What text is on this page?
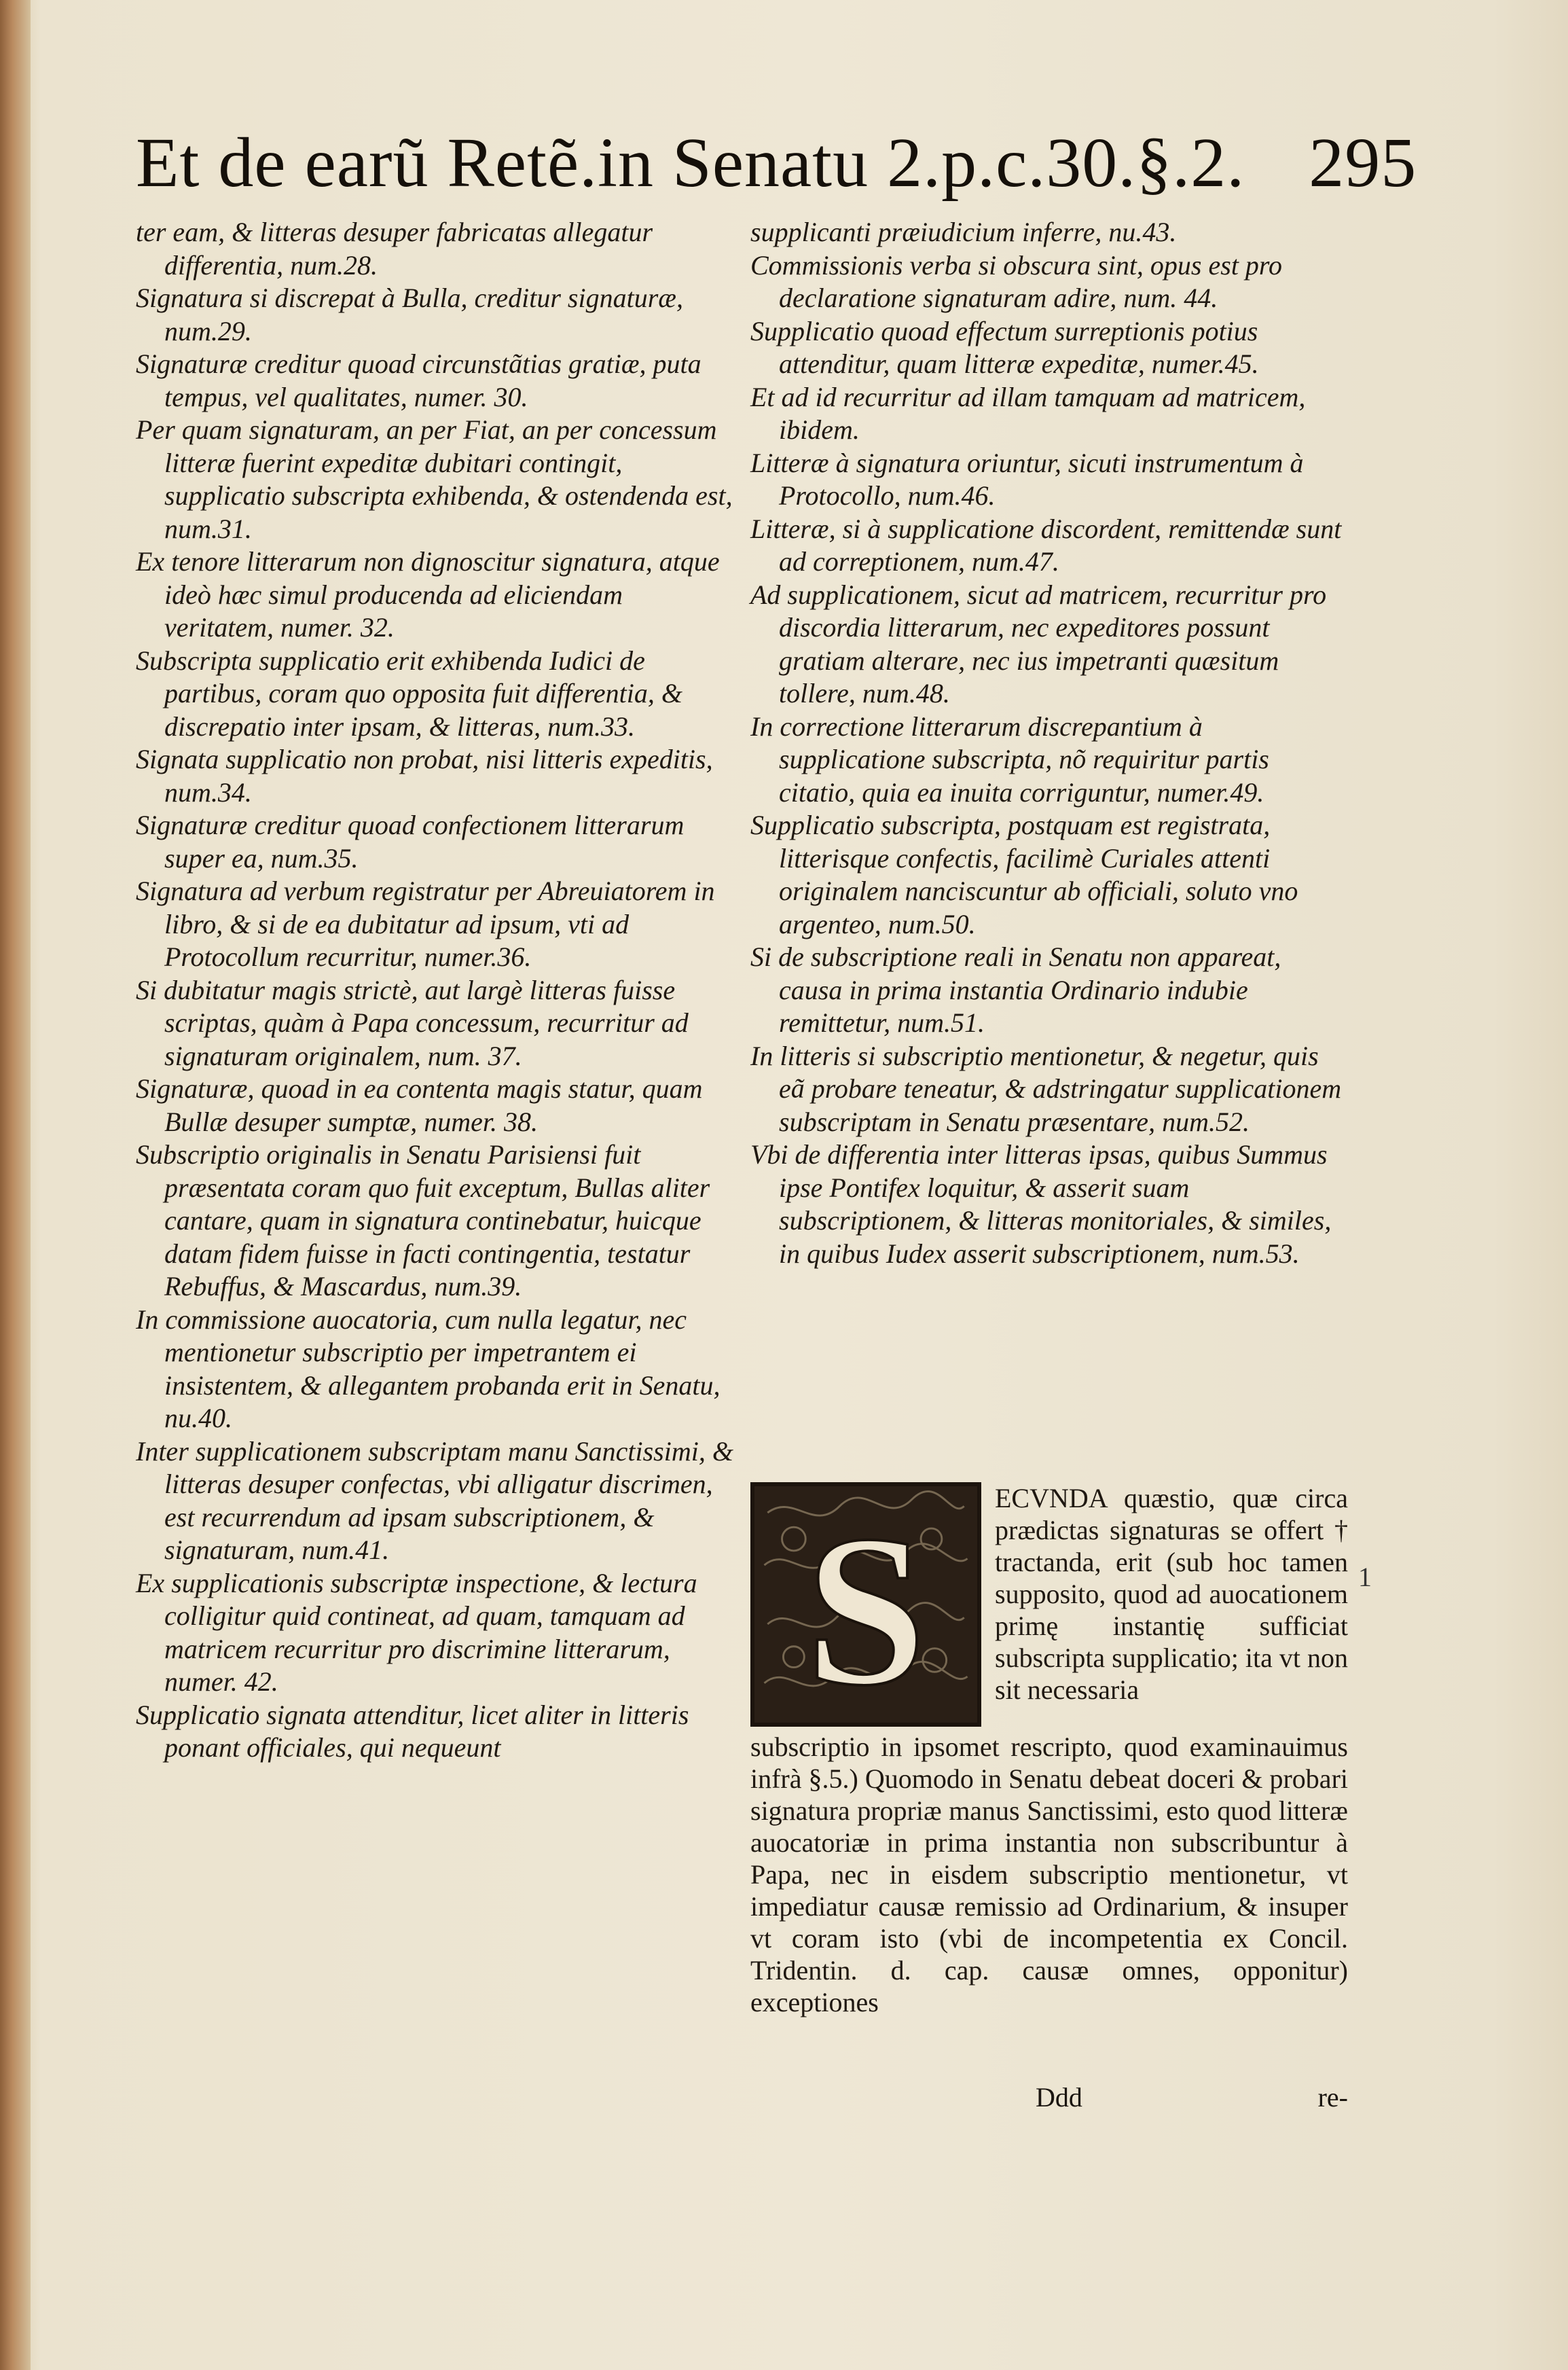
Et de earũ Retẽ.in Senatu 2.p.c.30.§.2. 295

ter eam, & litteras desuper fabricatas allegatur differentia, num.28.

Signatura si discrepat à Bulla, creditur signaturæ, num.29.

Signaturæ creditur quoad circunstãtias gratiæ, puta tempus, vel qualitates, numer. 30.

Per quam signaturam, an per Fiat, an per concessum litteræ fuerint expeditæ dubitari contingit, supplicatio subscripta exhibenda, & ostendenda est, num.31.

Ex tenore litterarum non dignoscitur signatura, atque ideò hæc simul producenda ad eliciendam veritatem, numer. 32.

Subscripta supplicatio erit exhibenda Iudici de partibus, coram quo opposita fuit differentia, & discrepatio inter ipsam, & litteras, num.33.

Signata supplicatio non probat, nisi litteris expeditis, num.34.

Signaturæ creditur quoad confectionem litterarum super ea, num.35.

Signatura ad verbum registratur per Abreuiatorem in libro, & si de ea dubitatur ad ipsum, vti ad Protocollum recurritur, numer.36.

Si dubitatur magis strictè, aut largè litteras fuisse scriptas, quàm à Papa concessum, recurritur ad signaturam originalem, num. 37.

Signaturæ, quoad in ea contenta magis statur, quam Bullæ desuper sumptæ, numer. 38.

Subscriptio originalis in Senatu Parisiensi fuit præsentata coram quo fuit exceptum, Bullas aliter cantare, quam in signatura continebatur, huicque datam fidem fuisse in facti contingentia, testatur Rebuffus, & Mascardus, num.39.

In commissione auocatoria, cum nulla legatur, nec mentionetur subscriptio per impetrantem ei insistentem, & allegantem probanda erit in Senatu, nu.40.

Inter supplicationem subscriptam manu Sanctissimi, & litteras desuper confectas, vbi alligatur discrimen, est recurrendum ad ipsam subscriptionem, & signaturam, num.41.

Ex supplicationis subscriptæ inspectione, & lectura colligitur quid contineat, ad quam, tamquam ad matricem recurritur pro discrimine litterarum, numer. 42.

Supplicatio signata attenditur, licet aliter in litteris ponant officiales, qui nequeunt

supplicanti præiudicium inferre, nu.43.

Commissionis verba si obscura sint, opus est pro declaratione signaturam adire, num. 44.

Supplicatio quoad effectum surreptionis potius attenditur, quam litteræ expeditæ, numer.45.

Et ad id recurritur ad illam tamquam ad matricem, ibidem.

Litteræ à signatura oriuntur, sicuti instrumentum à Protocollo, num.46.

Litteræ, si à supplicatione discordent, remittendæ sunt ad correptionem, num.47.

Ad supplicationem, sicut ad matricem, recurritur pro discordia litterarum, nec expeditores possunt gratiam alterare, nec ius impetranti quæsitum tollere, num.48.

In correctione litterarum discrepantium à supplicatione subscripta, nõ requiritur partis citatio, quia ea inuita corriguntur, numer.49.

Supplicatio subscripta, postquam est registrata, litterisque confectis, facilimè Curiales attenti originalem nanciscuntur ab officiali, soluto vno argenteo, num.50.

Si de subscriptione reali in Senatu non appareat, causa in prima instantia Ordinario indubie remittetur, num.51.

In litteris si subscriptio mentionetur, & negetur, quis eã probare teneatur, & adstringatur supplicationem subscriptam in Senatu præsentare, num.52.

Vbi de differentia inter litteras ipsas, quibus Summus ipse Pontifex loquitur, & asserit suam subscriptionem, & litteras monitoriales, & similes, in quibus Iudex asserit subscriptionem, num.53.

S	ECVNDA quæstio, quæ circa prædictas signaturas se offert † tractanda, erit (sub hoc tamen supposito, quod ad auocationem primę instantię sufficiat subscripta supplicatio; ita vt non sit necessaria

subscriptio in ipsomet rescripto, quod examinauimus infrà §.5.) Quomodo in Senatu debeat doceri & probari signatura propriæ manus Sanctissimi, esto quod litteræ auocatoriæ in prima instantia non subscribuntur à Papa, nec in eisdem subscriptio mentionetur, vt impediatur causæ remissio ad Ordinarium, & insuper vt coram isto (vbi de incompetentia ex Concil. Tridentin. d. cap. causæ omnes, opponitur) exceptiones

1
Ddd	re-
